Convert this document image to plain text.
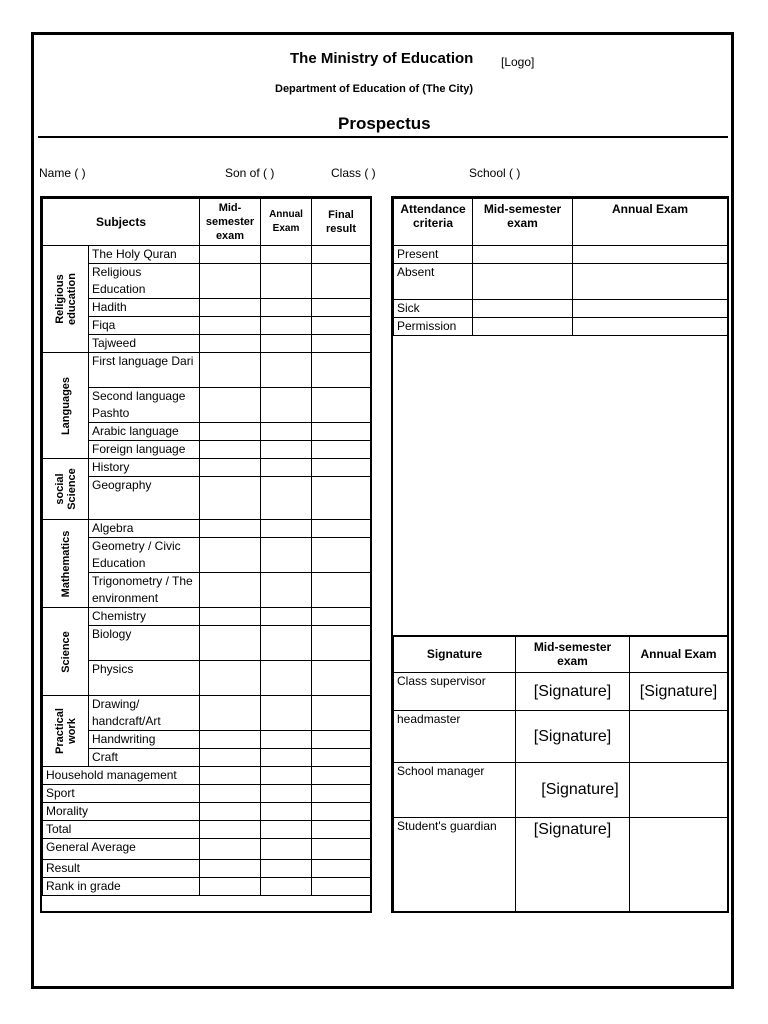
The Ministry of Education [Logo]
Department of Education of (The City)
Prospectus
Name ( )	Son of ( )	Class ( )	School ( )
Subjects		Mid-semester exam	Annual Exam	Final result

Religious education	The Holy Quran			
	Religious Education			
	Hadith			
	Fiqa			
	Tajweed			

Languages	First language Dari			
	Second language Pashto			
	Arabic language			
	Foreign language			

social Science	History			
	Geography			

Mathematics	Algebra			
	Geometry / Civic Education			
	Trigonometry / The environment			

Science	Chemistry			
	Biology			
	Physics			

Practical work	Drawing/ handcraft/Art			
	Handwriting			
	Craft			
Household management				
Sport				
Morality				
Total				
General Average				
Result				
Rank in grade				
Attendance criteria	Mid-semester exam	Annual Exam
Present		
Absent		
Sick		
Permission		
Signature	Mid-semester exam	Annual Exam
Class supervisor	[Signature]	[Signature]
headmaster	[Signature]	
School manager	[Signature]	
Student's guardian	[Signature]	
